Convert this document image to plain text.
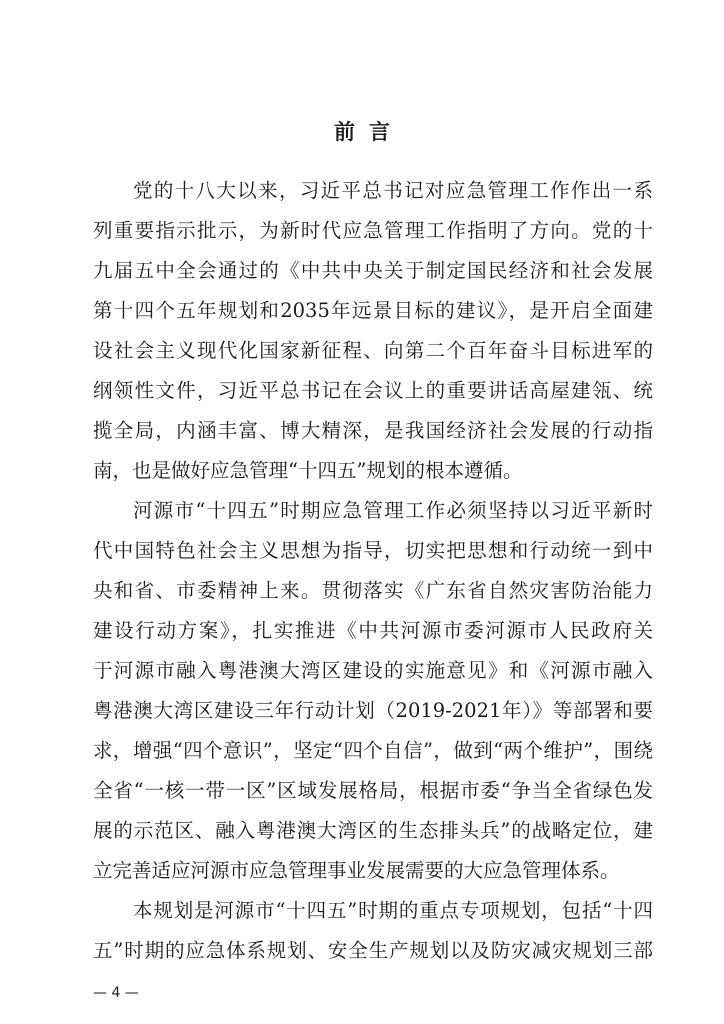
前言
党的十八大以来，习近平总书记对应急管理工作作出一系
列重要指示批示，为新时代应急管理工作指明了方向。党的十
九届五中全会通过的《中共中央关于制定国民经济和社会发展
第十四个五年规划和2035年远景目标的建议》，是开启全面建
设社会主义现代化国家新征程、向第二个百年奋斗目标进军的
纲领性文件，习近平总书记在会议上的重要讲话高屋建瓴、统
揽全局，内涵丰富、博大精深，是我国经济社会发展的行动指
南，也是做好应急管理“十四五”规划的根本遵循。
河源市“十四五”时期应急管理工作必须坚持以习近平新时
代中国特色社会主义思想为指导，切实把思想和行动统一到中
央和省、市委精神上来。贯彻落实《广东省自然灾害防治能力
建设行动方案》，扎实推进《中共河源市委河源市人民政府关
于河源市融入粤港澳大湾区建设的实施意见》和《河源市融入
粤港澳大湾区建设三年行动计划（2019-2021年）》等部署和要
求，增强“四个意识”，坚定“四个自信”，做到“两个维护”，围绕
全省“一核一带一区”区域发展格局，根据市委“争当全省绿色发
展的示范区、融入粤港澳大湾区的生态排头兵”的战略定位，建
立完善适应河源市应急管理事业发展需要的大应急管理体系。
本规划是河源市“十四五”时期的重点专项规划，包括“十四
五”时期的应急体系规划、安全生产规划以及防灾减灾规划三部
— 4 —
